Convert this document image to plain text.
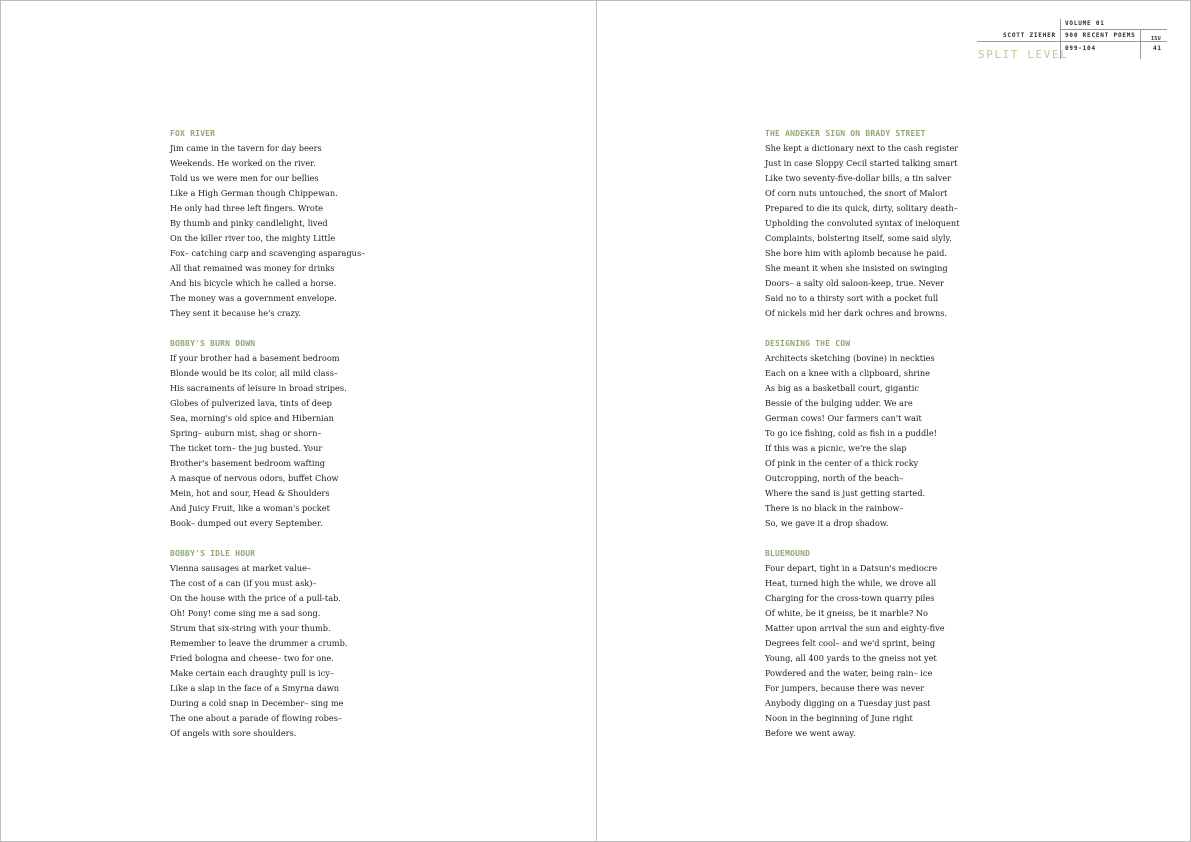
FOX RIVER
Jim came in the tavern for day beers
Weekends. He worked on the river.
Told us we were men for our bellies
Like a High German though Chippewan.
He only had three left fingers. Wrote
By thumb and pinky candlelight, lived
On the killer river too, the mighty Little
Fox– catching carp and scavenging asparagus–
All that remained was money for drinks
And his bicycle which he called a horse.
The money was a government envelope.
They sent it because he's crazy.
BOBBY'S BURN DOWN
If your brother had a basement bedroom
Blonde would be its color, all mild class–
His sacraments of leisure in broad stripes.
Globes of pulverized lava, tints of deep
Sea, morning's old spice and Hibernian
Spring– auburn mist, shag or shorn–
The ticket torn– the jug busted. Your
Brother's basement bedroom wafting
A masque of nervous odors, buffet Chow
Mein, hot and sour, Head & Shoulders
And Juicy Fruit, like a woman's pocket
Book– dumped out every September.
BOBBY'S IDLE HOUR
Vienna sausages at market value–
The cost of a can (if you must ask)–
On the house with the price of a pull-tab.
Oh! Pony! come sing me a sad song.
Strum that six-string with your thumb.
Remember to leave the drummer a crumb.
Fried bologna and cheese– two for one.
Make certain each draughty pull is icy–
Like a slap in the face of a Smyrna dawn
During a cold snap in December– sing me
The one about a parade of flowing robes–
Of angels with sore shoulders.
VOLUME 01
SCOTT ZIEHER 900 RECENT POEMS
099-104
ISU
41
SPLIT LEVEL
THE ANDEKER SIGN ON BRADY STREET
She kept a dictionary next to the cash register
Just in case Sloppy Cecil started talking smart
Like two seventy-five-dollar bills, a tin salver
Of corn nuts untouched, the snort of Malort
Prepared to die its quick, dirty, solitary death–
Upholding the convoluted syntax of ineloquent
Complaints, bolstering itself, some said slyly.
She bore him with aplomb because he paid.
She meant it when she insisted on swinging
Doors– a salty old saloon-keep, true. Never
Said no to a thirsty sort with a pocket full
Of nickels mid her dark ochres and browns.
DESIGNING THE COW
Architects sketching (bovine) in neckties
Each on a knee with a clipboard, shrine
As big as a basketball court, gigantic
Bessie of the bulging udder. We are
German cows! Our farmers can't wait
To go ice fishing, cold as fish in a puddle!
If this was a picnic, we're the slap
Of pink in the center of a thick rocky
Outcropping, north of the beach–
Where the sand is just getting started.
There is no black in the rainbow–
So, we gave it a drop shadow.
BLUEMOUND
Four depart, tight in a Datsun's mediocre
Heat, turned high the while, we drove all
Charging for the cross-town quarry piles
Of white, be it gneiss, be it marble? No
Matter upon arrival the sun and eighty-five
Degrees felt cool– and we'd sprint, being
Young, all 400 yards to the gneiss not yet
Powdered and the water, being rain– ice
For jumpers, because there was never
Anybody digging on a Tuesday just past
Noon in the beginning of June right
Before we went away.
